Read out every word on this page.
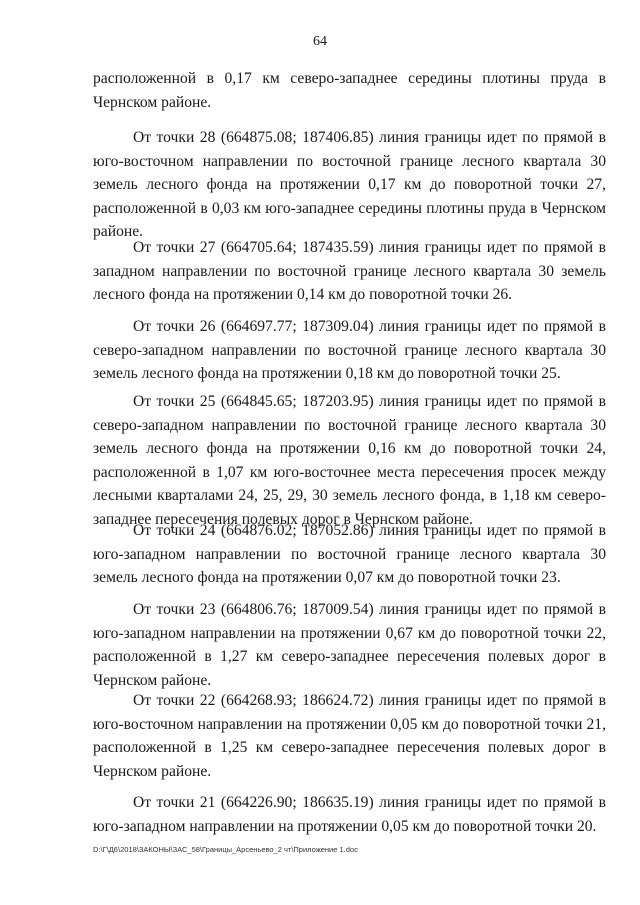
64

расположенной в 0,17 км северо-западнее середины плотины пруда в Чернском районе.

От точки 28 (664875.08; 187406.85) линия границы идет по прямой в юго-восточном направлении по восточной границе лесного квартала 30 земель лесного фонда на протяжении 0,17 км до поворотной точки 27, расположенной в 0,03 км юго-западнее середины плотины пруда в Чернском районе.

От точки 27 (664705.64; 187435.59) линия границы идет по прямой в западном направлении по восточной границе лесного квартала 30 земель лесного фонда на протяжении 0,14 км до поворотной точки 26.

От точки 26 (664697.77; 187309.04) линия границы идет по прямой в северо-западном направлении по восточной границе лесного квартала 30 земель лесного фонда на протяжении 0,18 км до поворотной точки 25.

От точки 25 (664845.65; 187203.95) линия границы идет по прямой в северо-западном направлении по восточной границе лесного квартала 30 земель лесного фонда на протяжении 0,16 км до поворотной точки 24, расположенной в 1,07 км юго-восточнее места пересечения просек между лесными кварталами 24, 25, 29, 30 земель лесного фонда, в 1,18 км северо-западнее пересечения полевых дорог в Чернском районе.

От точки 24 (664876.02; 187052.86) линия границы идет по прямой в юго-западном направлении по восточной границе лесного квартала 30 земель лесного фонда на протяжении 0,07 км до поворотной точки 23.

От точки 23 (664806.76; 187009.54) линия границы идет по прямой в юго-западном направлении на протяжении 0,67 км до поворотной точки 22, расположенной в 1,27 км северо-западнее пересечения полевых дорог в Чернском районе.

От точки 22 (664268.93; 186624.72) линия границы идет по прямой в юго-восточном направлении на протяжении 0,05 км до поворотной точки 21, расположенной в 1,25 км северо-западнее пересечения полевых дорог в Чернском районе.

От точки 21 (664226.90; 186635.19) линия границы идет по прямой в юго-западном направлении на протяжении 0,05 км до поворотной точки 20.

D:\Г\Д6\2018\ЗАКОНЫ\ЗАС_58\Границы_Арсеньево_2 чт\Приложение 1.doc
